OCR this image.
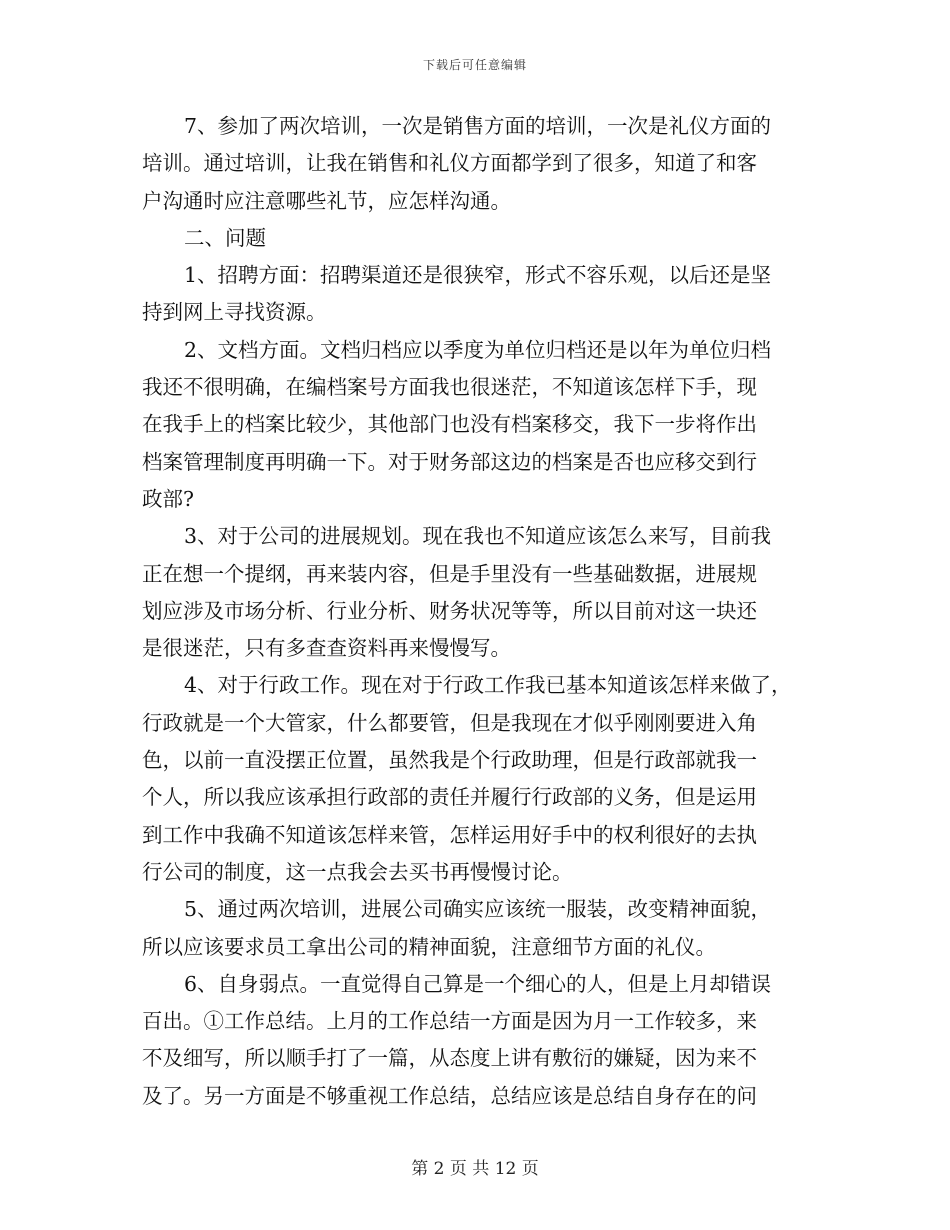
下载后可任意编辑
7、参加了两次培训，一次是销售方面的培训，一次是礼仪方面的
培训。通过培训，让我在销售和礼仪方面都学到了很多，知道了和客
户沟通时应注意哪些礼节，应怎样沟通。
二、问题
1、招聘方面：招聘渠道还是很狭窄，形式不容乐观，以后还是坚
持到网上寻找资源。
2、文档方面。文档归档应以季度为单位归档还是以年为单位归档
我还不很明确，在编档案号方面我也很迷茫，不知道该怎样下手，现
在我手上的档案比较少，其他部门也没有档案移交，我下一步将作出
档案管理制度再明确一下。对于财务部这边的档案是否也应移交到行
政部?
3、对于公司的进展规划。现在我也不知道应该怎么来写，目前我
正在想一个提纲，再来装内容，但是手里没有一些基础数据，进展规
划应涉及市场分析、行业分析、财务状况等等，所以目前对这一块还
是很迷茫，只有多查查资料再来慢慢写。
4、对于行政工作。现在对于行政工作我已基本知道该怎样来做了，
行政就是一个大管家，什么都要管，但是我现在才似乎刚刚要进入角
色，以前一直没摆正位置，虽然我是个行政助理，但是行政部就我一
个人，所以我应该承担行政部的责任并履行行政部的义务，但是运用
到工作中我确不知道该怎样来管，怎样运用好手中的权利很好的去执
行公司的制度，这一点我会去买书再慢慢讨论。
5、通过两次培训，进展公司确实应该统一服装，改变精神面貌，
所以应该要求员工拿出公司的精神面貌，注意细节方面的礼仪。
6、自身弱点。一直觉得自己算是一个细心的人，但是上月却错误
百出。①工作总结。上月的工作总结一方面是因为月一工作较多，来
不及细写，所以顺手打了一篇，从态度上讲有敷衍的嫌疑，因为来不
及了。另一方面是不够重视工作总结，总结应该是总结自身存在的问
第 2 页 共 12 页
